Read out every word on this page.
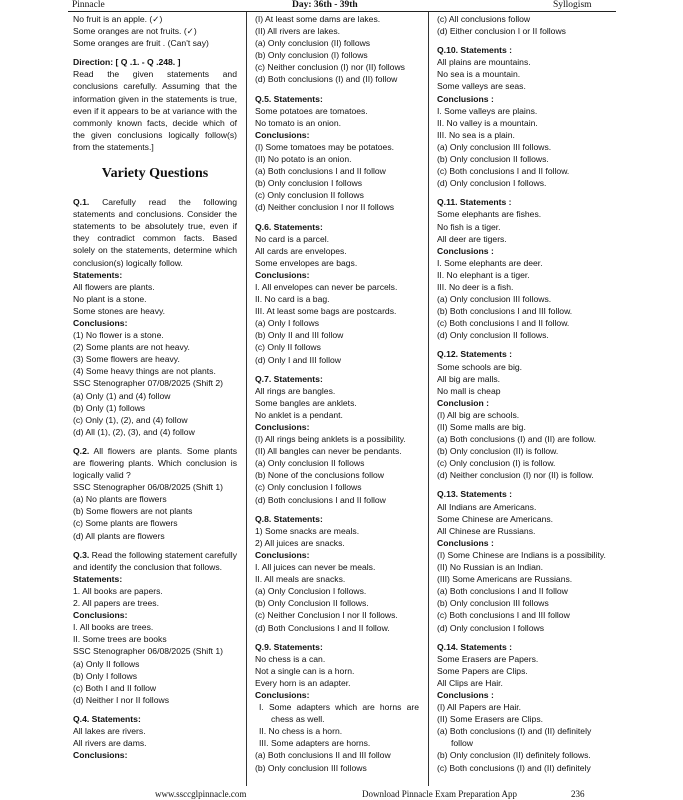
Pinnacle	Day: 36th - 39th	Syllogism
No fruit is an apple. (✓)
Some oranges are not fruits. (✓)
Some oranges are fruit . (Can't say)
Direction: [ Q .1. - Q .248. ]
Read the given statements and conclusions carefully. Assuming that the information given in the statements is true, even if it appears to be at variance with the commonly known facts, decide which of the given conclusions logically follow(s) from the statements.]
Variety Questions
Q.1. Carefully read the following statements and conclusions. Consider the statements to be absolutely true, even if they contradict common facts. Based solely on the statements, determine which conclusion(s) logically follow.
Statements:
All flowers are plants.
No plant is a stone.
Some stones are heavy.
Conclusions:
(1) No flower is a stone.
(2) Some plants are not heavy.
(3) Some flowers are heavy.
(4) Some heavy things are not plants.
SSC Stenographer 07/08/2025 (Shift 2)
(a) Only (1) and (4) follow
(b) Only (1) follows
(c) Only (1), (2), and (4) follow
(d) All (1), (2), (3), and (4) follow
Q.2. All flowers are plants. Some plants are flowering plants. Which conclusion is logically valid ?
SSC Stenographer 06/08/2025 (Shift 1)
(a) No plants are flowers
(b) Some flowers are not plants
(c) Some plants are flowers
(d) All plants are flowers
Q.3. Read the following statement carefully and identify the conclusion that follows.
Statements:
1. All books are papers.
2. All papers are trees.
Conclusions:
I. All books are trees.
II. Some trees are books
SSC Stenographer 06/08/2025 (Shift 1)
(a) Only II follows
(b) Only I follows
(c) Both I and II follow
(d) Neither I nor II follows
Q.4. Statements:
All lakes are rivers.
All rivers are dams.
Conclusions:
(I) At least some dams are lakes.
(II) All rivers are lakes.
(a) Only conclusion (II) follows
(b) Only conclusion (I) follows
(c) Neither conclusion (I) nor (II) follows
(d) Both conclusions (I) and (II) follow
Q.5. Statements:
Some potatoes are tomatoes.
No tomato is an onion.
Conclusions:
(I) Some tomatoes may be potatoes.
(II) No potato is an onion.
(a) Both conclusions I and II follow
(b) Only conclusion I follows
(c) Only conclusion II follows
(d) Neither conclusion I nor II follows
Q.6. Statements:
No card is a parcel.
All cards are envelopes.
Some envelopes are bags.
Conclusions:
I. All envelopes can never be parcels.
II. No card is a bag.
III. At least some bags are postcards.
(a) Only I follows
(b) Only II and III follow
(c) Only II follows
(d) Only I and III follow
Q.7. Statements:
All rings are bangles.
Some bangles are anklets.
No anklet is a pendant.
Conclusions:
(I) All rings being anklets is a possibility.
(II) All bangles can never be pendants.
(a) Only conclusion II follows
(b) None of the conclusions follow
(c) Only conclusion I follows
(d) Both conclusions I and II follow
Q.8. Statements:
1) Some snacks are meals.
2) All juices are snacks.
Conclusions:
I. All juices can never be meals.
II. All meals are snacks.
(a) Only Conclusion I follows.
(b) Only Conclusion II follows.
(c) Neither Conclusion I nor II follows.
(d) Both Conclusions I and II follow.
Q.9. Statements:
No chess is a can.
Not a single can is a horn.
Every horn is an adapter.
Conclusions:
I. Some adapters which are horns are chess as well.
II. No chess is a horn.
III. Some adapters are horns.
(a) Both conclusions II and III follow
(b) Only conclusion III follows
(c) All conclusions follow
(d) Either conclusion I or II follows
Q.10. Statements :
All plains are mountains.
No sea is a mountain.
Some valleys are seas.
Conclusions :
I. Some valleys are plains.
II. No valley is a mountain.
III. No sea is a plain.
(a) Only conclusion III follows.
(b) Only conclusion II follows.
(c) Both conclusions I and II follow.
(d) Only conclusion I follows.
Q.11. Statements :
Some elephants are fishes.
No fish is a tiger.
All deer are tigers.
Conclusions :
I. Some elephants are deer.
II. No elephant is a tiger.
III. No deer is a fish.
(a) Only conclusion III follows.
(b) Both conclusions I and III follow.
(c) Both conclusions I and II follow.
(d) Only conclusion II follows.
Q.12. Statements :
Some schools are big.
All big are malls.
No mall is cheap
Conclusion :
(I) All big are schools.
(II) Some malls are big.
(a) Both conclusions (I) and (II) are follow.
(b) Only conclusion (II) is follow.
(c) Only conclusion (I) is follow.
(d) Neither conclusion (I) nor (II) is follow.
Q.13. Statements :
All Indians are Americans.
Some Chinese are Americans.
All Chinese are Russians.
Conclusions :
(I) Some Chinese are Indians is a possibility.
(II) No Russian is an Indian.
(III) Some Americans are Russians.
(a) Both conclusions I and II follow
(b) Only conclusion III follows
(c) Both conclusions I and III follow
(d) Only conclusion I follows
Q.14. Statements :
Some Erasers are Papers.
Some Papers are Clips.
All Clips are Hair.
Conclusions :
(I) All Papers are Hair.
(II) Some Erasers are Clips.
(a) Both conclusions (I) and (II) definitely follow
(b) Only conclusion (II) definitely follows.
(c) Both conclusions (I) and (II) definitely
www.ssccglpinnacle.com	Download Pinnacle Exam Preparation App	236
